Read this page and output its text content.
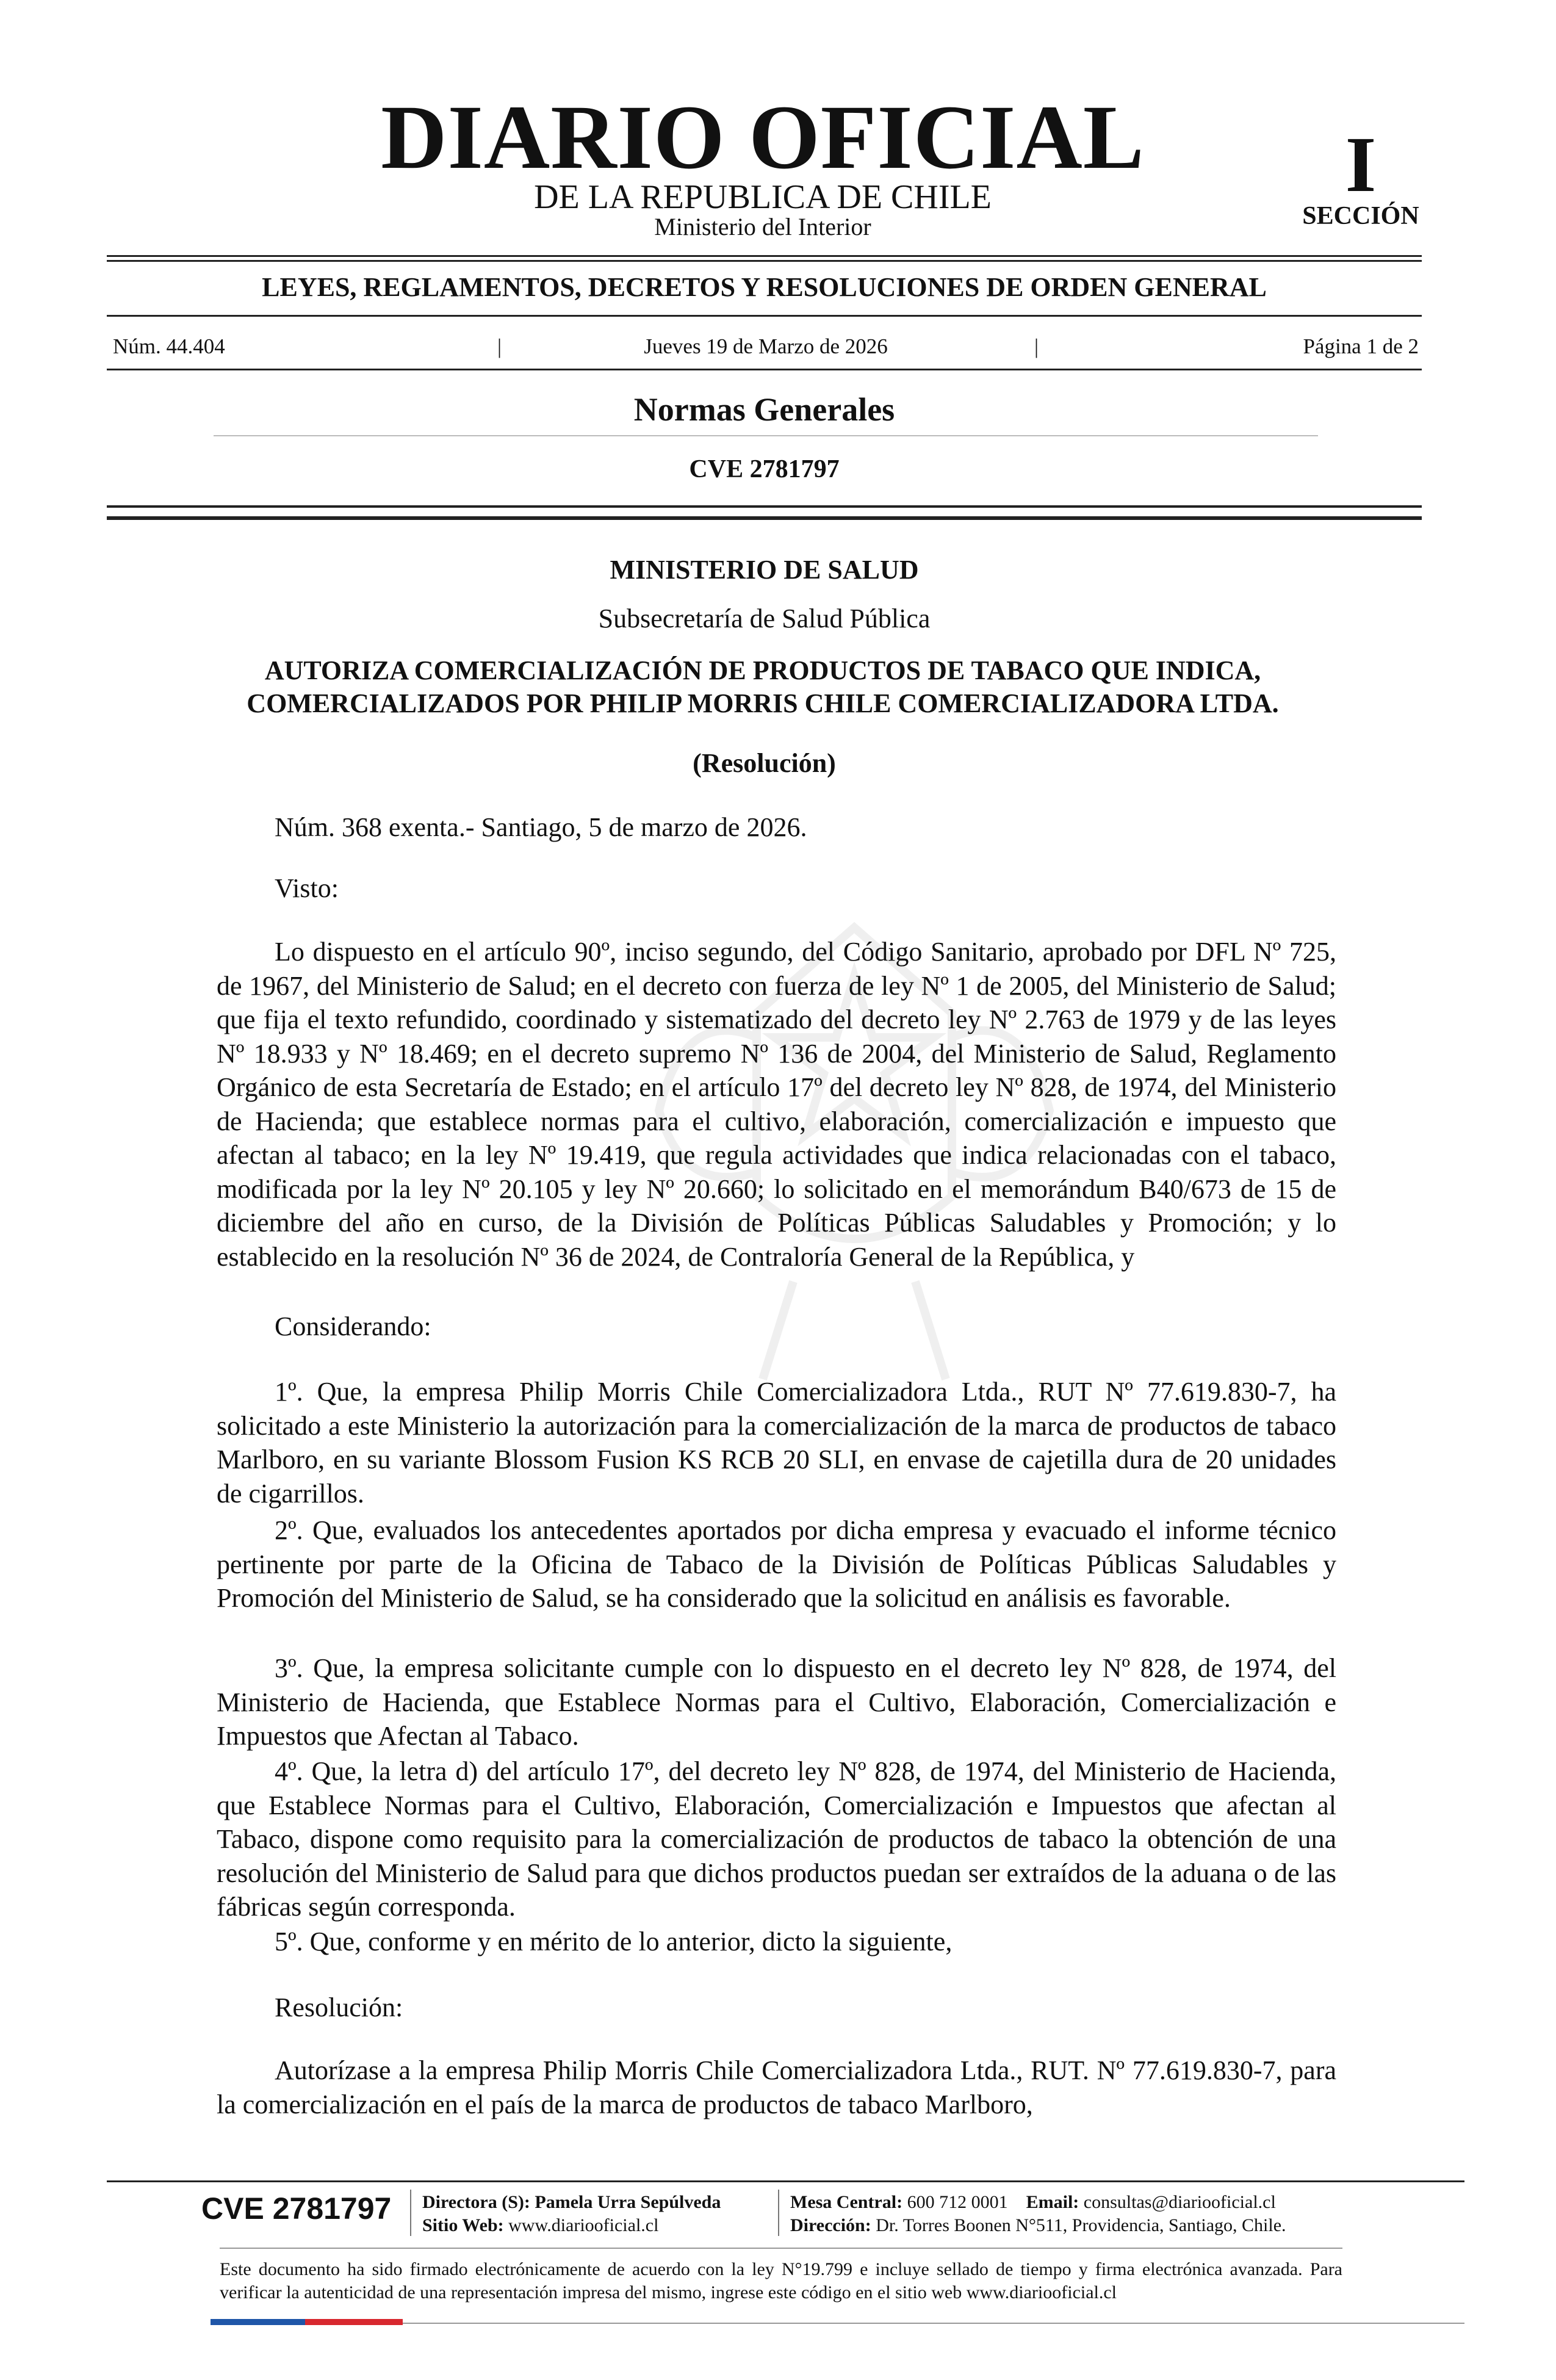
DIARIO OFICIAL
DE LA REPUBLICA DE CHILE
Ministerio del Interior
I
SECCIÓN
LEYES, REGLAMENTOS, DECRETOS Y RESOLUCIONES DE ORDEN GENERAL
Núm. 44.404	|	Jueves 19 de Marzo de 2026	|	Página 1 de 2
Normas Generales
CVE 2781797
MINISTERIO DE SALUD
Subsecretaría de Salud Pública
AUTORIZA COMERCIALIZACIÓN DE PRODUCTOS DE TABACO QUE INDICA,
COMERCIALIZADOS POR PHILIP MORRIS CHILE COMERCIALIZADORA LTDA.
(Resolución)
Núm. 368 exenta.- Santiago, 5 de marzo de 2026.
Visto:
Lo dispuesto en el artículo 90º, inciso segundo, del Código Sanitario, aprobado por DFL Nº 725, de 1967, del Ministerio de Salud; en el decreto con fuerza de ley Nº 1 de 2005, del Ministerio de Salud; que fija el texto refundido, coordinado y sistematizado del decreto ley Nº 2.763 de 1979 y de las leyes Nº 18.933 y Nº 18.469; en el decreto supremo Nº 136 de 2004, del Ministerio de Salud, Reglamento Orgánico de esta Secretaría de Estado; en el artículo 17º del decreto ley Nº 828, de 1974, del Ministerio de Hacienda; que establece normas para el cultivo, elaboración, comercialización e impuesto que afectan al tabaco; en la ley Nº 19.419, que regula actividades que indica relacionadas con el tabaco, modificada por la ley Nº 20.105 y ley Nº 20.660; lo solicitado en el memorándum B40/673 de 15 de diciembre del año en curso, de la División de Políticas Públicas Saludables y Promoción; y lo establecido en la resolución Nº 36 de 2024, de Contraloría General de la República, y
Considerando:
1º. Que, la empresa Philip Morris Chile Comercializadora Ltda., RUT Nº 77.619.830-7, ha solicitado a este Ministerio la autorización para la comercialización de la marca de productos de tabaco Marlboro, en su variante Blossom Fusion KS RCB 20 SLI, en envase de cajetilla dura de 20 unidades de cigarrillos.
2º. Que, evaluados los antecedentes aportados por dicha empresa y evacuado el informe técnico pertinente por parte de la Oficina de Tabaco de la División de Políticas Públicas Saludables y Promoción del Ministerio de Salud, se ha considerado que la solicitud en análisis es favorable.
3º. Que, la empresa solicitante cumple con lo dispuesto en el decreto ley Nº 828, de 1974, del Ministerio de Hacienda, que Establece Normas para el Cultivo, Elaboración, Comercialización e Impuestos que Afectan al Tabaco.
4º. Que, la letra d) del artículo 17º, del decreto ley Nº 828, de 1974, del Ministerio de Hacienda, que Establece Normas para el Cultivo, Elaboración, Comercialización e Impuestos que afectan al Tabaco, dispone como requisito para la comercialización de productos de tabaco la obtención de una resolución del Ministerio de Salud para que dichos productos puedan ser extraídos de la aduana o de las fábricas según corresponda.
5º. Que, conforme y en mérito de lo anterior, dicto la siguiente,
Resolución:
Autorízase a la empresa Philip Morris Chile Comercializadora Ltda., RUT. Nº 77.619.830-7, para la comercialización en el país de la marca de productos de tabaco Marlboro,
CVE 2781797 Directora (S): Pamela Urra Sepúlveda
Sitio Web: www.diariooficial.cl
Mesa Central: 600 712 0001 Email: consultas@diariooficial.cl
Dirección: Dr. Torres Boonen N°511, Providencia, Santiago, Chile.
Este documento ha sido firmado electrónicamente de acuerdo con la ley N°19.799 e incluye sellado de tiempo y firma electrónica avanzada. Para verificar la autenticidad de una representación impresa del mismo, ingrese este código en el sitio web www.diariooficial.cl
